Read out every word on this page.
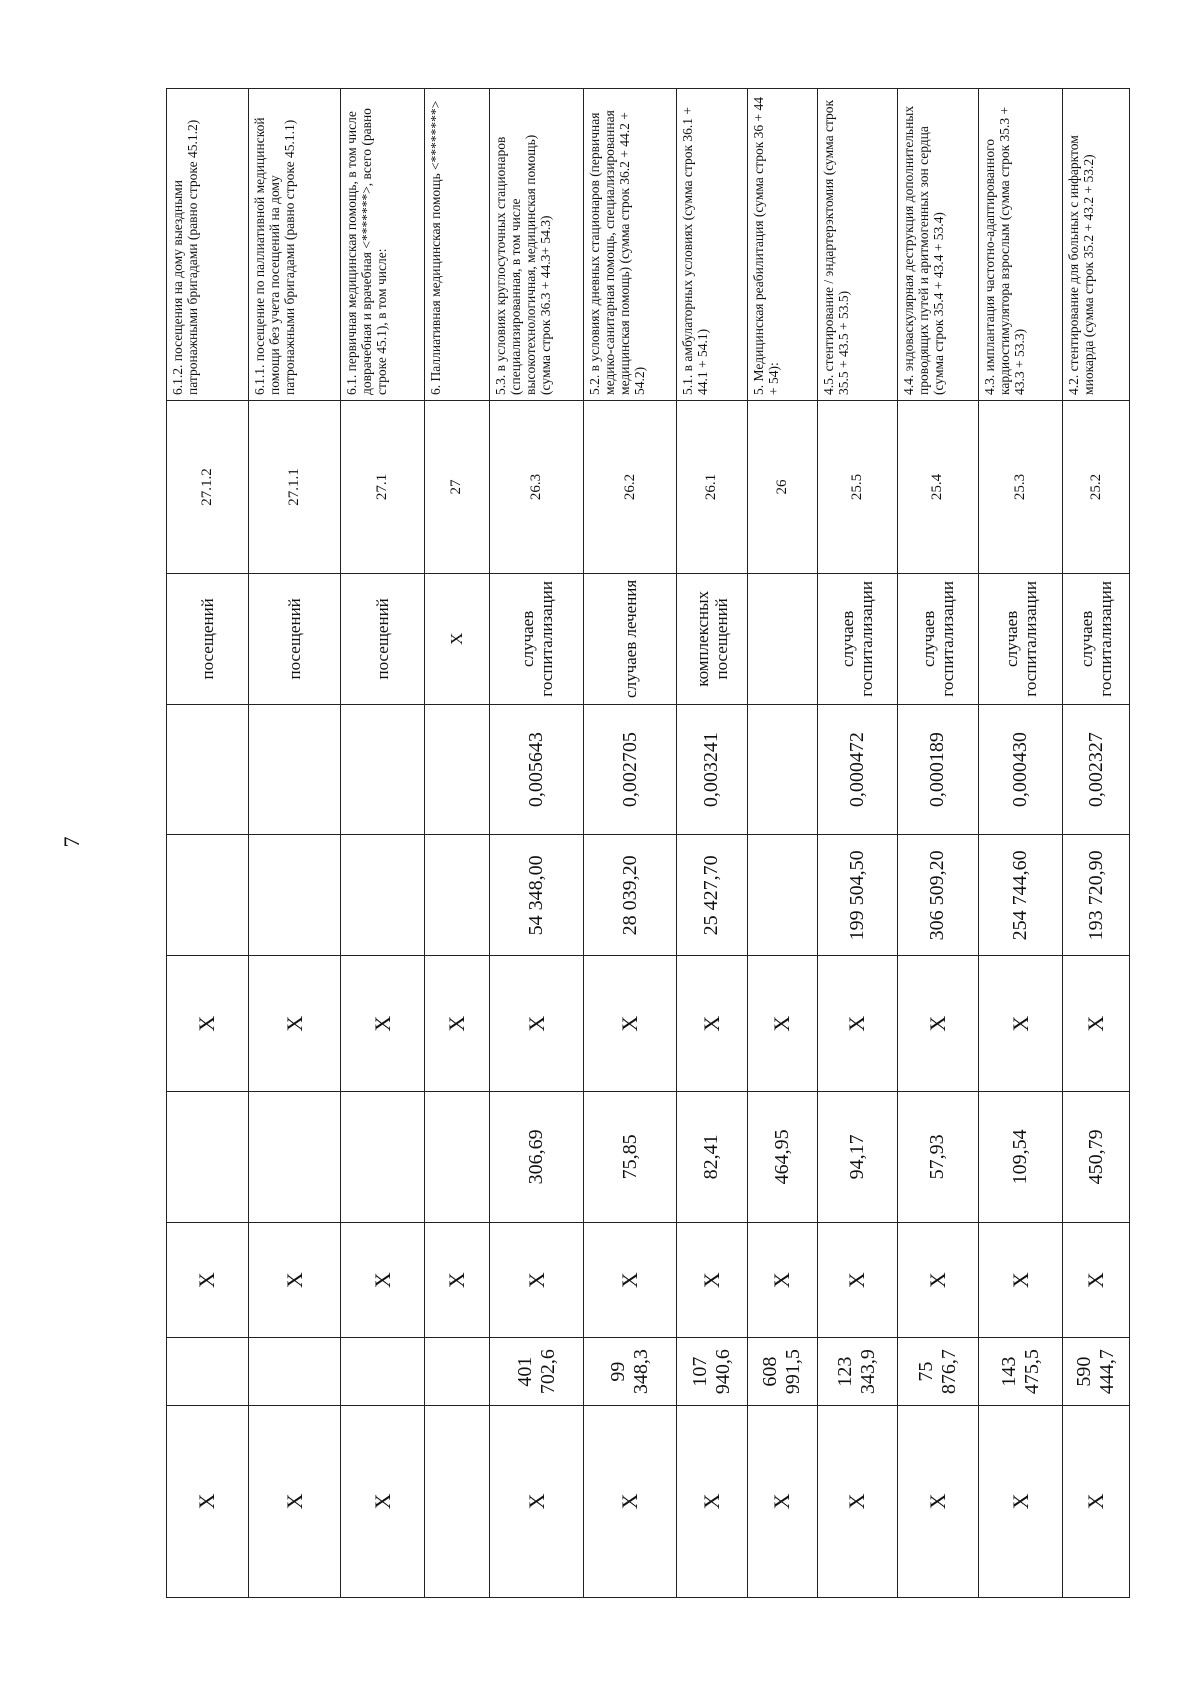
7
X		X		X			посещений	27.1.2	6.1.2. посещения на дому выездными патронажными бригадами (равно строке 45.1.2)
X		X		X			посещений	27.1.1	6.1.1. посещение по паллиативной медицинской помощи без учета посещений на дому патронажными бригадами (равно строке 45.1.1)
X		X		X			посещений	27.1	6.1. первичная медицинская помощь, в том числе доврачебная и врачебная <*******>, всего (равно строке 45.1), в том числе:
		X		X			X	27	6. Паллиативная медицинская помощь <********>
X	401 702,6	X	306,69	X	54 348,00	0,005643	случаев госпитализации	26.3	5.3. в условиях круглосуточных стационаров (специализированная, в том числе высокотехнологичная, медицинская помощь) (сумма строк 36.3 + 44.3+ 54.3)
X	99 348,3	X	75,85	X	28 039,20	0,002705	случаев лечения	26.2	5.2. в условиях дневных стационаров (первичная медико-санитарная помощь, специализированная медицинская помощь) (сумма строк 36.2 + 44.2 + 54.2)
X	107 940,6	X	82,41	X	25 427,70	0,003241	комплексных посещений	26.1	5.1. в амбулаторных условиях (сумма строк 36.1 + 44.1 + 54.1)
X	608 991,5	X	464,95	X				26	5. Медицинская реабилитация (сумма строк 36 + 44 + 54):
X	123 343,9	X	94,17	X	199 504,50	0,000472	случаев госпитализации	25.5	4.5. стентирование / эндартерэктомия (сумма строк 35.5 + 43.5 + 53.5)
X	75 876,7	X	57,93	X	306 509,20	0,000189	случаев госпитализации	25.4	4.4. эндоваскулярная деструкция дополнительных проводящих путей и аритмогенных зон сердца (сумма строк 35.4 + 43.4 + 53.4)
X	143 475,5	X	109,54	X	254 744,60	0,000430	случаев госпитализации	25.3	4.3. имплантация частотно-адаптированного кардиостимулятора взрослым (сумма строк 35.3 + 43.3 + 53.3)
X	590 444,7	X	450,79	X	193 720,90	0,002327	случаев госпитализации	25.2	4.2. стентирование для больных с инфарктом миокарда (сумма строк 35.2 + 43.2 + 53.2)
